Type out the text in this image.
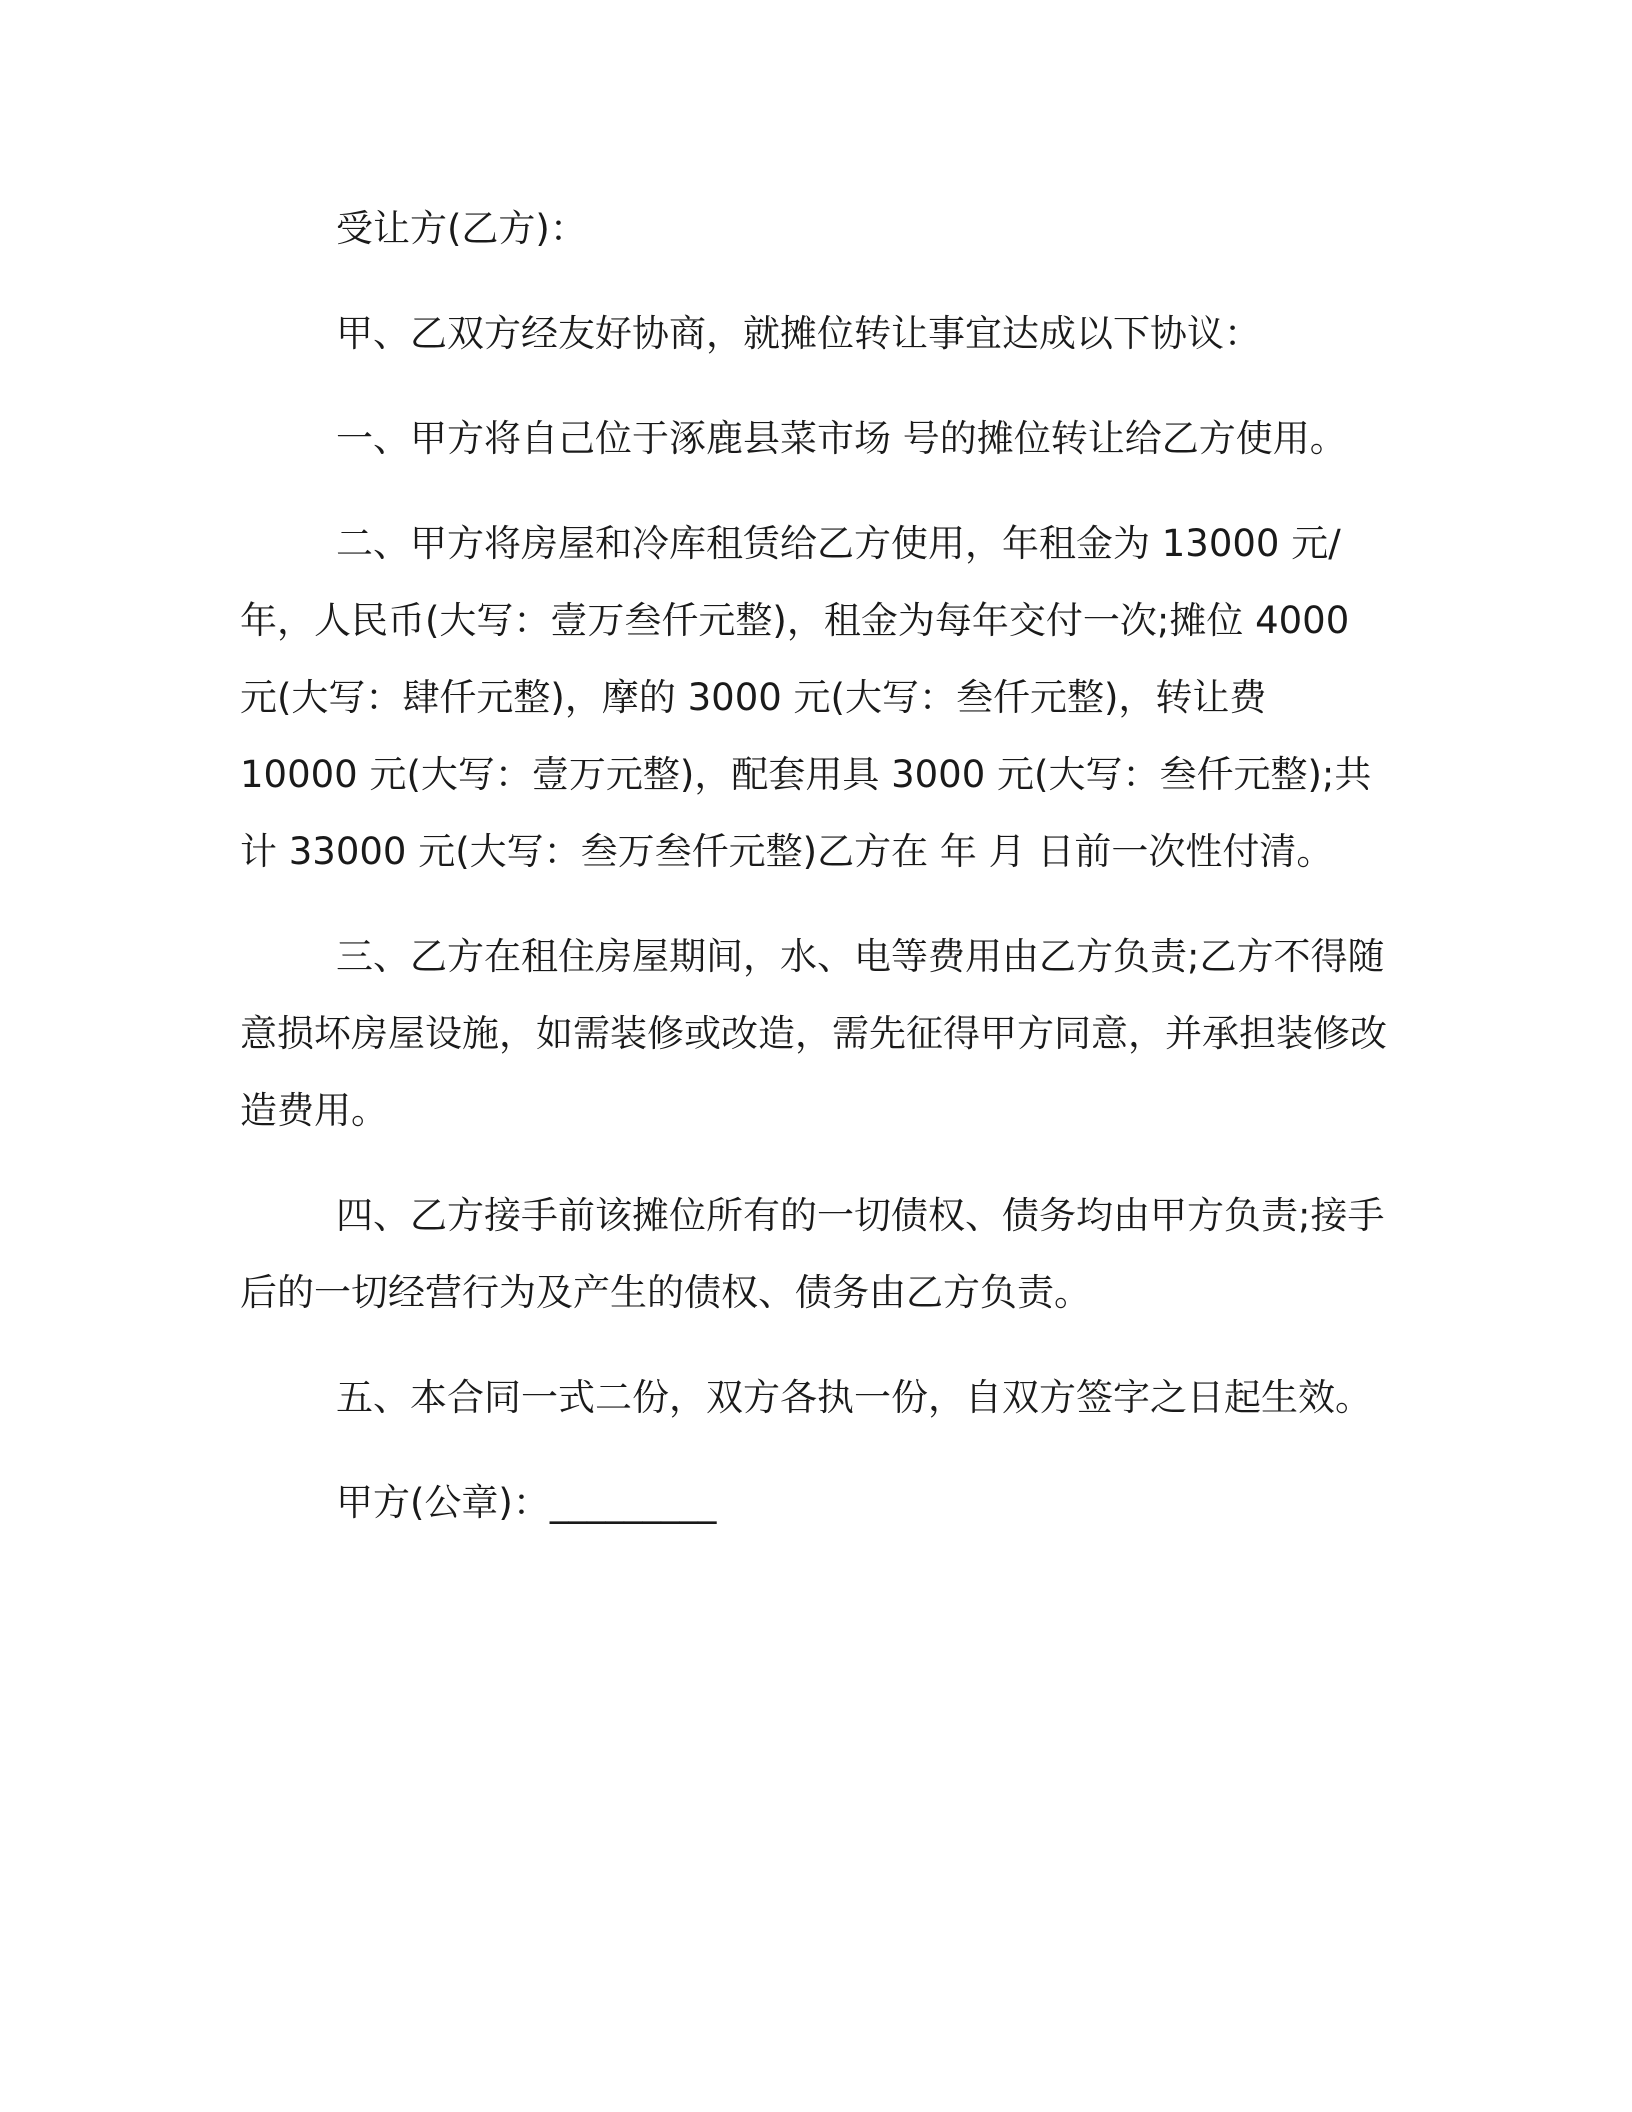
受让方(乙方)：

甲、乙双方经友好协商，就摊位转让事宜达成以下协议：

一、甲方将自己位于涿鹿县菜市场 号的摊位转让给乙方使用。

二、甲方将房屋和冷库租赁给乙方使用，年租金为 13000 元/年，人民币(大写：壹万叁仟元整)，租金为每年交付一次;摊位 4000 元(大写：肆仟元整)，摩的 3000 元(大写：叁仟元整)，转让费 10000 元(大写：壹万元整)，配套用具 3000 元(大写：叁仟元整);共计 33000 元(大写：叁万叁仟元整)乙方在 年 月 日前一次性付清。

三、乙方在租住房屋期间，水、电等费用由乙方负责;乙方不得随意损坏房屋设施，如需装修或改造，需先征得甲方同意，并承担装修改造费用。

四、乙方接手前该摊位所有的一切债权、债务均由甲方负责;接手后的一切经营行为及产生的债权、债务由乙方负责。

五、本合同一式二份，双方各执一份，自双方签字之日起生效。

甲方(公章)：_________
